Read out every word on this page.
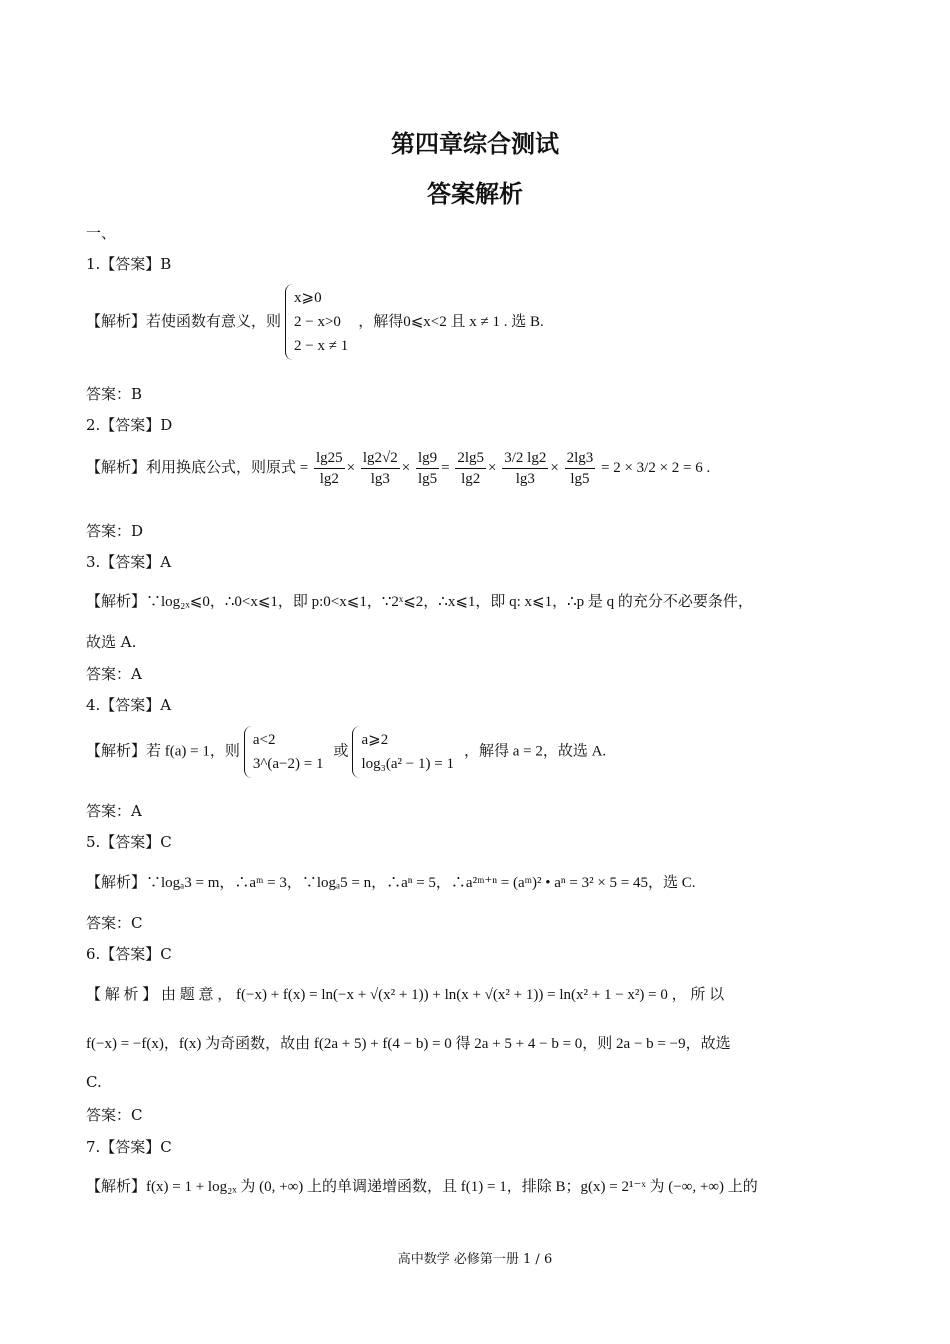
第四章综合测试
答案解析
一、
1.【答案】B
【解析】若使函数有意义，则
x⩾0
2 − x>0
2 − x ≠ 1
，解得0⩽x<2 且 x ≠ 1 . 选 B.
答案：B
2.【答案】D
【解析】利用换底公式，则原式 = $\frac{\lg 25}{\lg 2} \times \frac{\lg 2√2}{\lg 3} \times \frac{\lg 9}{\lg 5} = \frac{2\lg 5}{\lg 2} \times \frac{3/2 \lg 2}{\lg 3} \times \frac{2\lg 3}{\lg 5} = 2 \times 3/2 \times 2 = 6$ .
答案：D
3.【答案】A
【解析】∵log₂ₓ⩽0，∴0<x⩽1，即 p:0<x⩽1，∵2ˣ⩽2，∴x⩽1，即 q: x⩽1，∴p 是 q 的充分不必要条件，
故选 A.
答案：A
4.【答案】A
【解析】若 f(a) = 1，则
a<2
3^(a−2) = 1
或
a⩾2
log₃(a² − 1) = 1
，解得 a = 2，故选 A.
答案：A
5.【答案】C
【解析】∵logₐ3 = m，∴aᵐ = 3，∵logₐ5 = n，∴aⁿ = 5，∴a²ᵐ⁺ⁿ = (aᵐ)² • aⁿ = 3² × 5 = 45，选 C.
答案：C
6.【答案】C
【 解 析 】 由 题 意 ， f(−x) + f(x) = ln(−x + √(x² + 1)) + ln(x + √(x² + 1)) = ln(x² + 1 − x²) = 0 ， 所 以
f(−x) = −f(x)，f(x) 为奇函数，故由 f(2a + 5) + f(4 − b) = 0 得 2a + 5 + 4 − b = 0，则 2a − b = −9，故选
C.
答案：C
7.【答案】C
【解析】f(x) = 1 + log₂ₓ 为 (0, +∞) 上的单调递增函数，且 f(1) = 1，排除 B；g(x) = 2¹⁻ˣ 为 (−∞, +∞) 上的
高中数学 必修第一册 1 / 6
